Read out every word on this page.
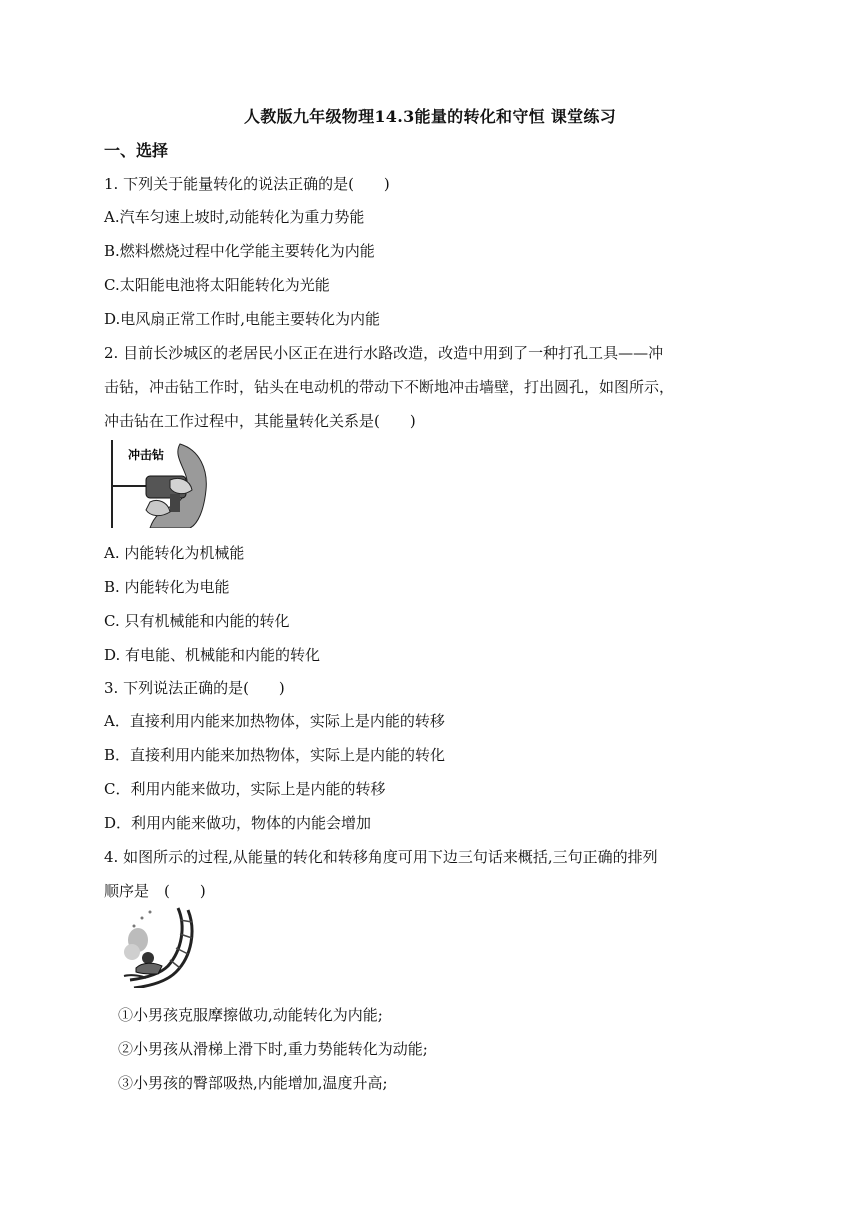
人教版九年级物理14.3能量的转化和守恒 课堂练习
一、选择
1. 下列关于能量转化的说法正确的是(　　)
A.汽车匀速上坡时,动能转化为重力势能
B.燃料燃烧过程中化学能主要转化为内能
C.太阳能电池将太阳能转化为光能
D.电风扇正常工作时,电能主要转化为内能
2. 目前长沙城区的老居民小区正在进行水路改造，改造中用到了一种打孔工具——冲
击钻，冲击钻工作时，钻头在电动机的带动下不断地冲击墙壁，打出圆孔，如图所示，
冲击钻在工作过程中，其能量转化关系是(　　)
冲击钻
A. 内能转化为机械能
B. 内能转化为电能
C. 只有机械能和内能的转化
D. 有电能、机械能和内能的转化
3. 下列说法正确的是(　　)
A．直接利用内能来加热物体，实际上是内能的转移
B．直接利用内能来加热物体，实际上是内能的转化
C．利用内能来做功，实际上是内能的转移
D．利用内能来做功，物体的内能会增加
4. 如图所示的过程,从能量的转化和转移角度可用下边三句话来概括,三句正确的排列
顺序是　(　　)
①小男孩克服摩擦做功,动能转化为内能;
②小男孩从滑梯上滑下时,重力势能转化为动能;
③小男孩的臀部吸热,内能增加,温度升高;
